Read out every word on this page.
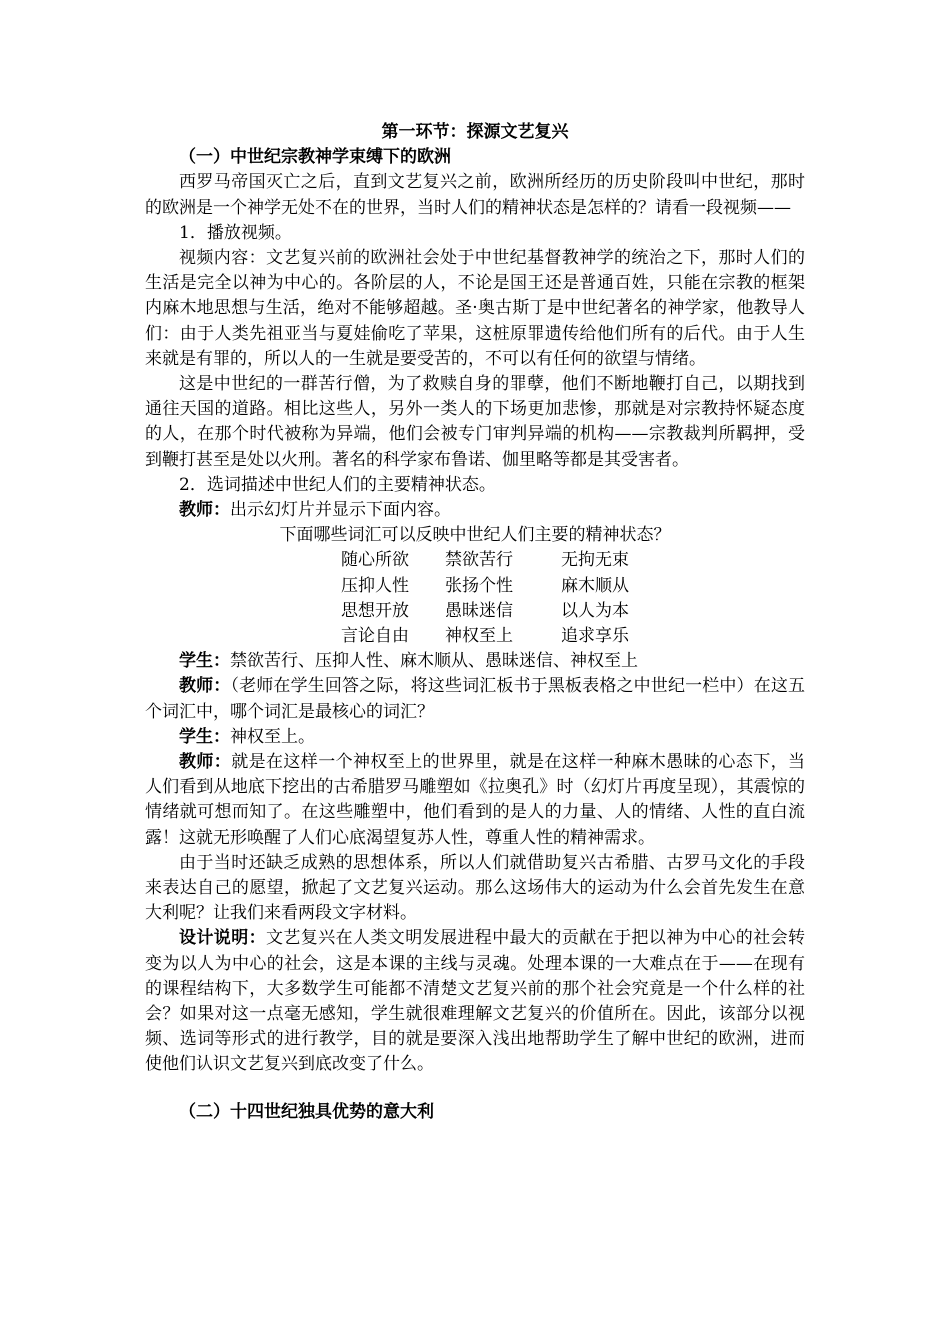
第一环节：探源文艺复兴

（一）中世纪宗教神学束缚下的欧洲

西罗马帝国灭亡之后，直到文艺复兴之前，欧洲所经历的历史阶段叫中世纪，那时的欧洲是一个神学无处不在的世界，当时人们的精神状态是怎样的？请看一段视频——

1．播放视频。

视频内容：文艺复兴前的欧洲社会处于中世纪基督教神学的统治之下，那时人们的生活是完全以神为中心的。各阶层的人，不论是国王还是普通百姓，只能在宗教的框架内麻木地思想与生活，绝对不能够超越。圣·奥古斯丁是中世纪著名的神学家，他教导人们：由于人类先祖亚当与夏娃偷吃了苹果，这桩原罪遗传给他们所有的后代。由于人生来就是有罪的，所以人的一生就是要受苦的，不可以有任何的欲望与情绪。

这是中世纪的一群苦行僧，为了救赎自身的罪孽，他们不断地鞭打自己，以期找到通往天国的道路。相比这些人，另外一类人的下场更加悲惨，那就是对宗教持怀疑态度的人，在那个时代被称为异端，他们会被专门审判异端的机构——宗教裁判所羁押，受到鞭打甚至是处以火刑。著名的科学家布鲁诺、伽里略等都是其受害者。

2．选词描述中世纪人们的主要精神状态。

教师：出示幻灯片并显示下面内容。

下面哪些词汇可以反映中世纪人们主要的精神状态？

随心所欲	禁欲苦行	无拘无束
压抑人性	张扬个性	麻木顺从
思想开放	愚昧迷信	以人为本
言论自由	神权至上	追求享乐

学生：禁欲苦行、压抑人性、麻木顺从、愚昧迷信、神权至上

教师：（老师在学生回答之际，将这些词汇板书于黑板表格之中世纪一栏中）在这五个词汇中，哪个词汇是最核心的词汇？

学生：神权至上。

教师：就是在这样一个神权至上的世界里，就是在这样一种麻木愚昧的心态下，当人们看到从地底下挖出的古希腊罗马雕塑如《拉奥孔》时（幻灯片再度呈现），其震惊的情绪就可想而知了。在这些雕塑中，他们看到的是人的力量、人的情绪、人性的直白流露！这就无形唤醒了人们心底渴望复苏人性，尊重人性的精神需求。

由于当时还缺乏成熟的思想体系，所以人们就借助复兴古希腊、古罗马文化的手段来表达自己的愿望，掀起了文艺复兴运动。那么这场伟大的运动为什么会首先发生在意大利呢？让我们来看两段文字材料。

设计说明：文艺复兴在人类文明发展进程中最大的贡献在于把以神为中心的社会转变为以人为中心的社会，这是本课的主线与灵魂。处理本课的一大难点在于——在现有的课程结构下，大多数学生可能都不清楚文艺复兴前的那个社会究竟是一个什么样的社会？如果对这一点毫无感知，学生就很难理解文艺复兴的价值所在。因此，该部分以视频、选词等形式的进行教学，目的就是要深入浅出地帮助学生了解中世纪的欧洲，进而使他们认识文艺复兴到底改变了什么。

（二）十四世纪独具优势的意大利
